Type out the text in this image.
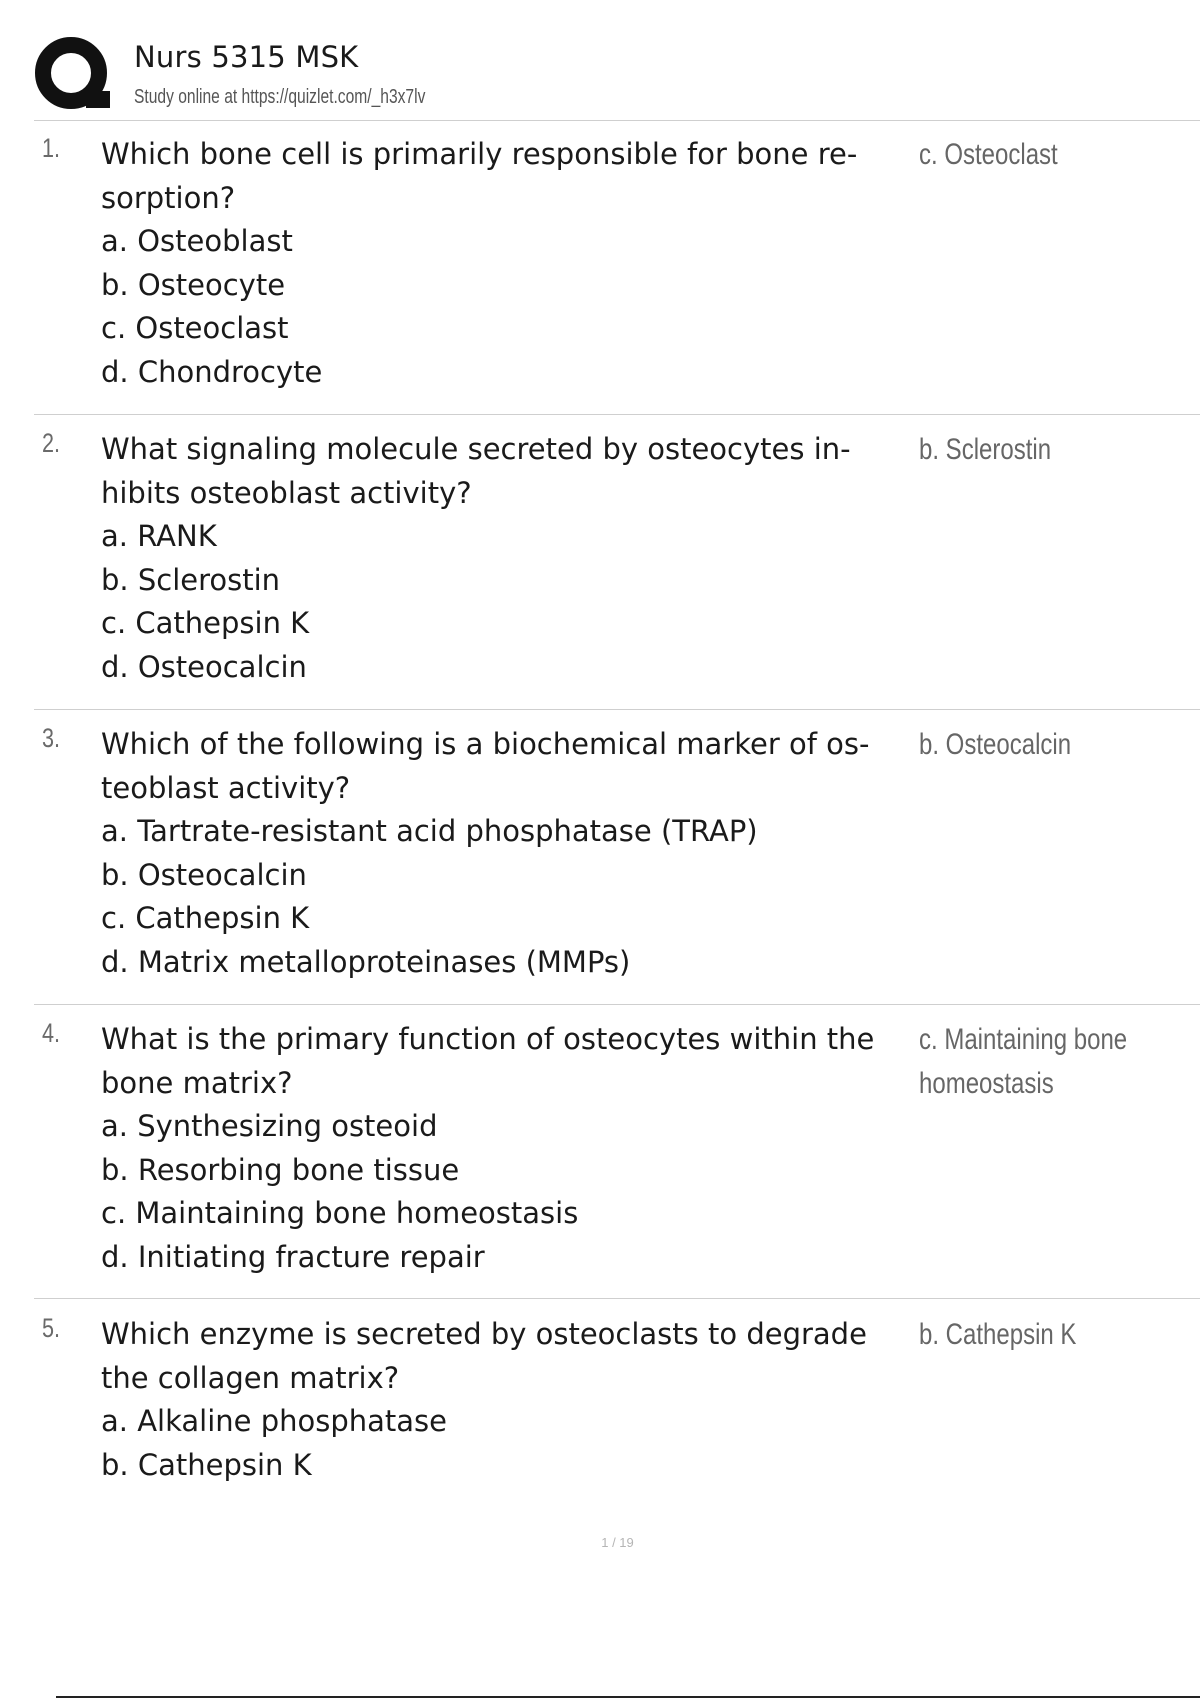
Nurs 5315 MSK
Study online at https://quizlet.com/_h3x7lv
1. Which bone cell is primarily responsible for bone re-
sorption?
a. Osteoblast
b. Osteocyte
c. Osteoclast
d. Chondrocyte
c. Osteoclast
2. What signaling molecule secreted by osteocytes in-
hibits osteoblast activity?
a. RANK
b. Sclerostin
c. Cathepsin K
d. Osteocalcin
b. Sclerostin
3. Which of the following is a biochemical marker of os-
teoblast activity?
a. Tartrate-resistant acid phosphatase (TRAP)
b. Osteocalcin
c. Cathepsin K
d. Matrix metalloproteinases (MMPs)
b. Osteocalcin
4. What is the primary function of osteocytes within the
bone matrix?
a. Synthesizing osteoid
b. Resorbing bone tissue
c. Maintaining bone homeostasis
d. Initiating fracture repair
c. Maintaining bone
homeostasis
5. Which enzyme is secreted by osteoclasts to degrade
the collagen matrix?
a. Alkaline phosphatase
b. Cathepsin K
b. Cathepsin K
1 / 19
